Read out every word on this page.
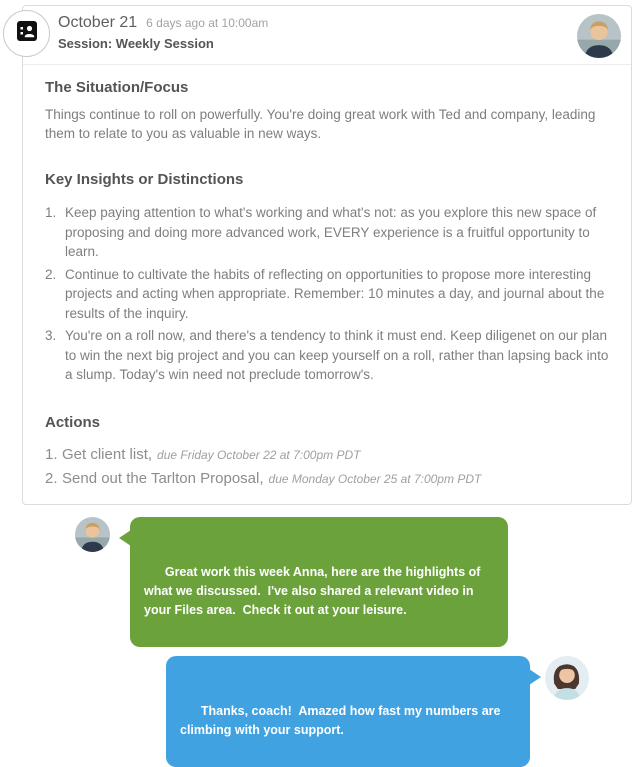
October 21 6 days ago at 10:00am
Session: Weekly Session
The Situation/Focus

Things continue to roll on powerfully. You're doing great work with Ted and company, leading them to relate to you as valuable in new ways.

Key Insights or Distinctions
1. Keep paying attention to what's working and what's not: as you explore this new space of proposing and doing more advanced work, EVERY experience is a fruitful opportunity to learn.
2. Continue to cultivate the habits of reflecting on opportunities to propose more interesting projects and acting when appropriate. Remember: 10 minutes a day, and journal about the results of the inquiry.
3. You're on a roll now, and there's a tendency to think it must end. Keep diligenet on our plan to win the next big project and you can keep yourself on a roll, rather than lapsing back into a slump. Today's win need not preclude tomorrow's.
Actions
1. Get client list, due Friday October 22 at 7:00pm PDT
2. Send out the Tarlton Proposal, due Monday October 25 at 7:00pm PDT

Great work this week Anna, here are the highlights of what we discussed.  I've also shared a relevant video in your Files area.  Check it out at your leisure.

Thanks, coach!  Amazed how fast my numbers are climbing with your support.
